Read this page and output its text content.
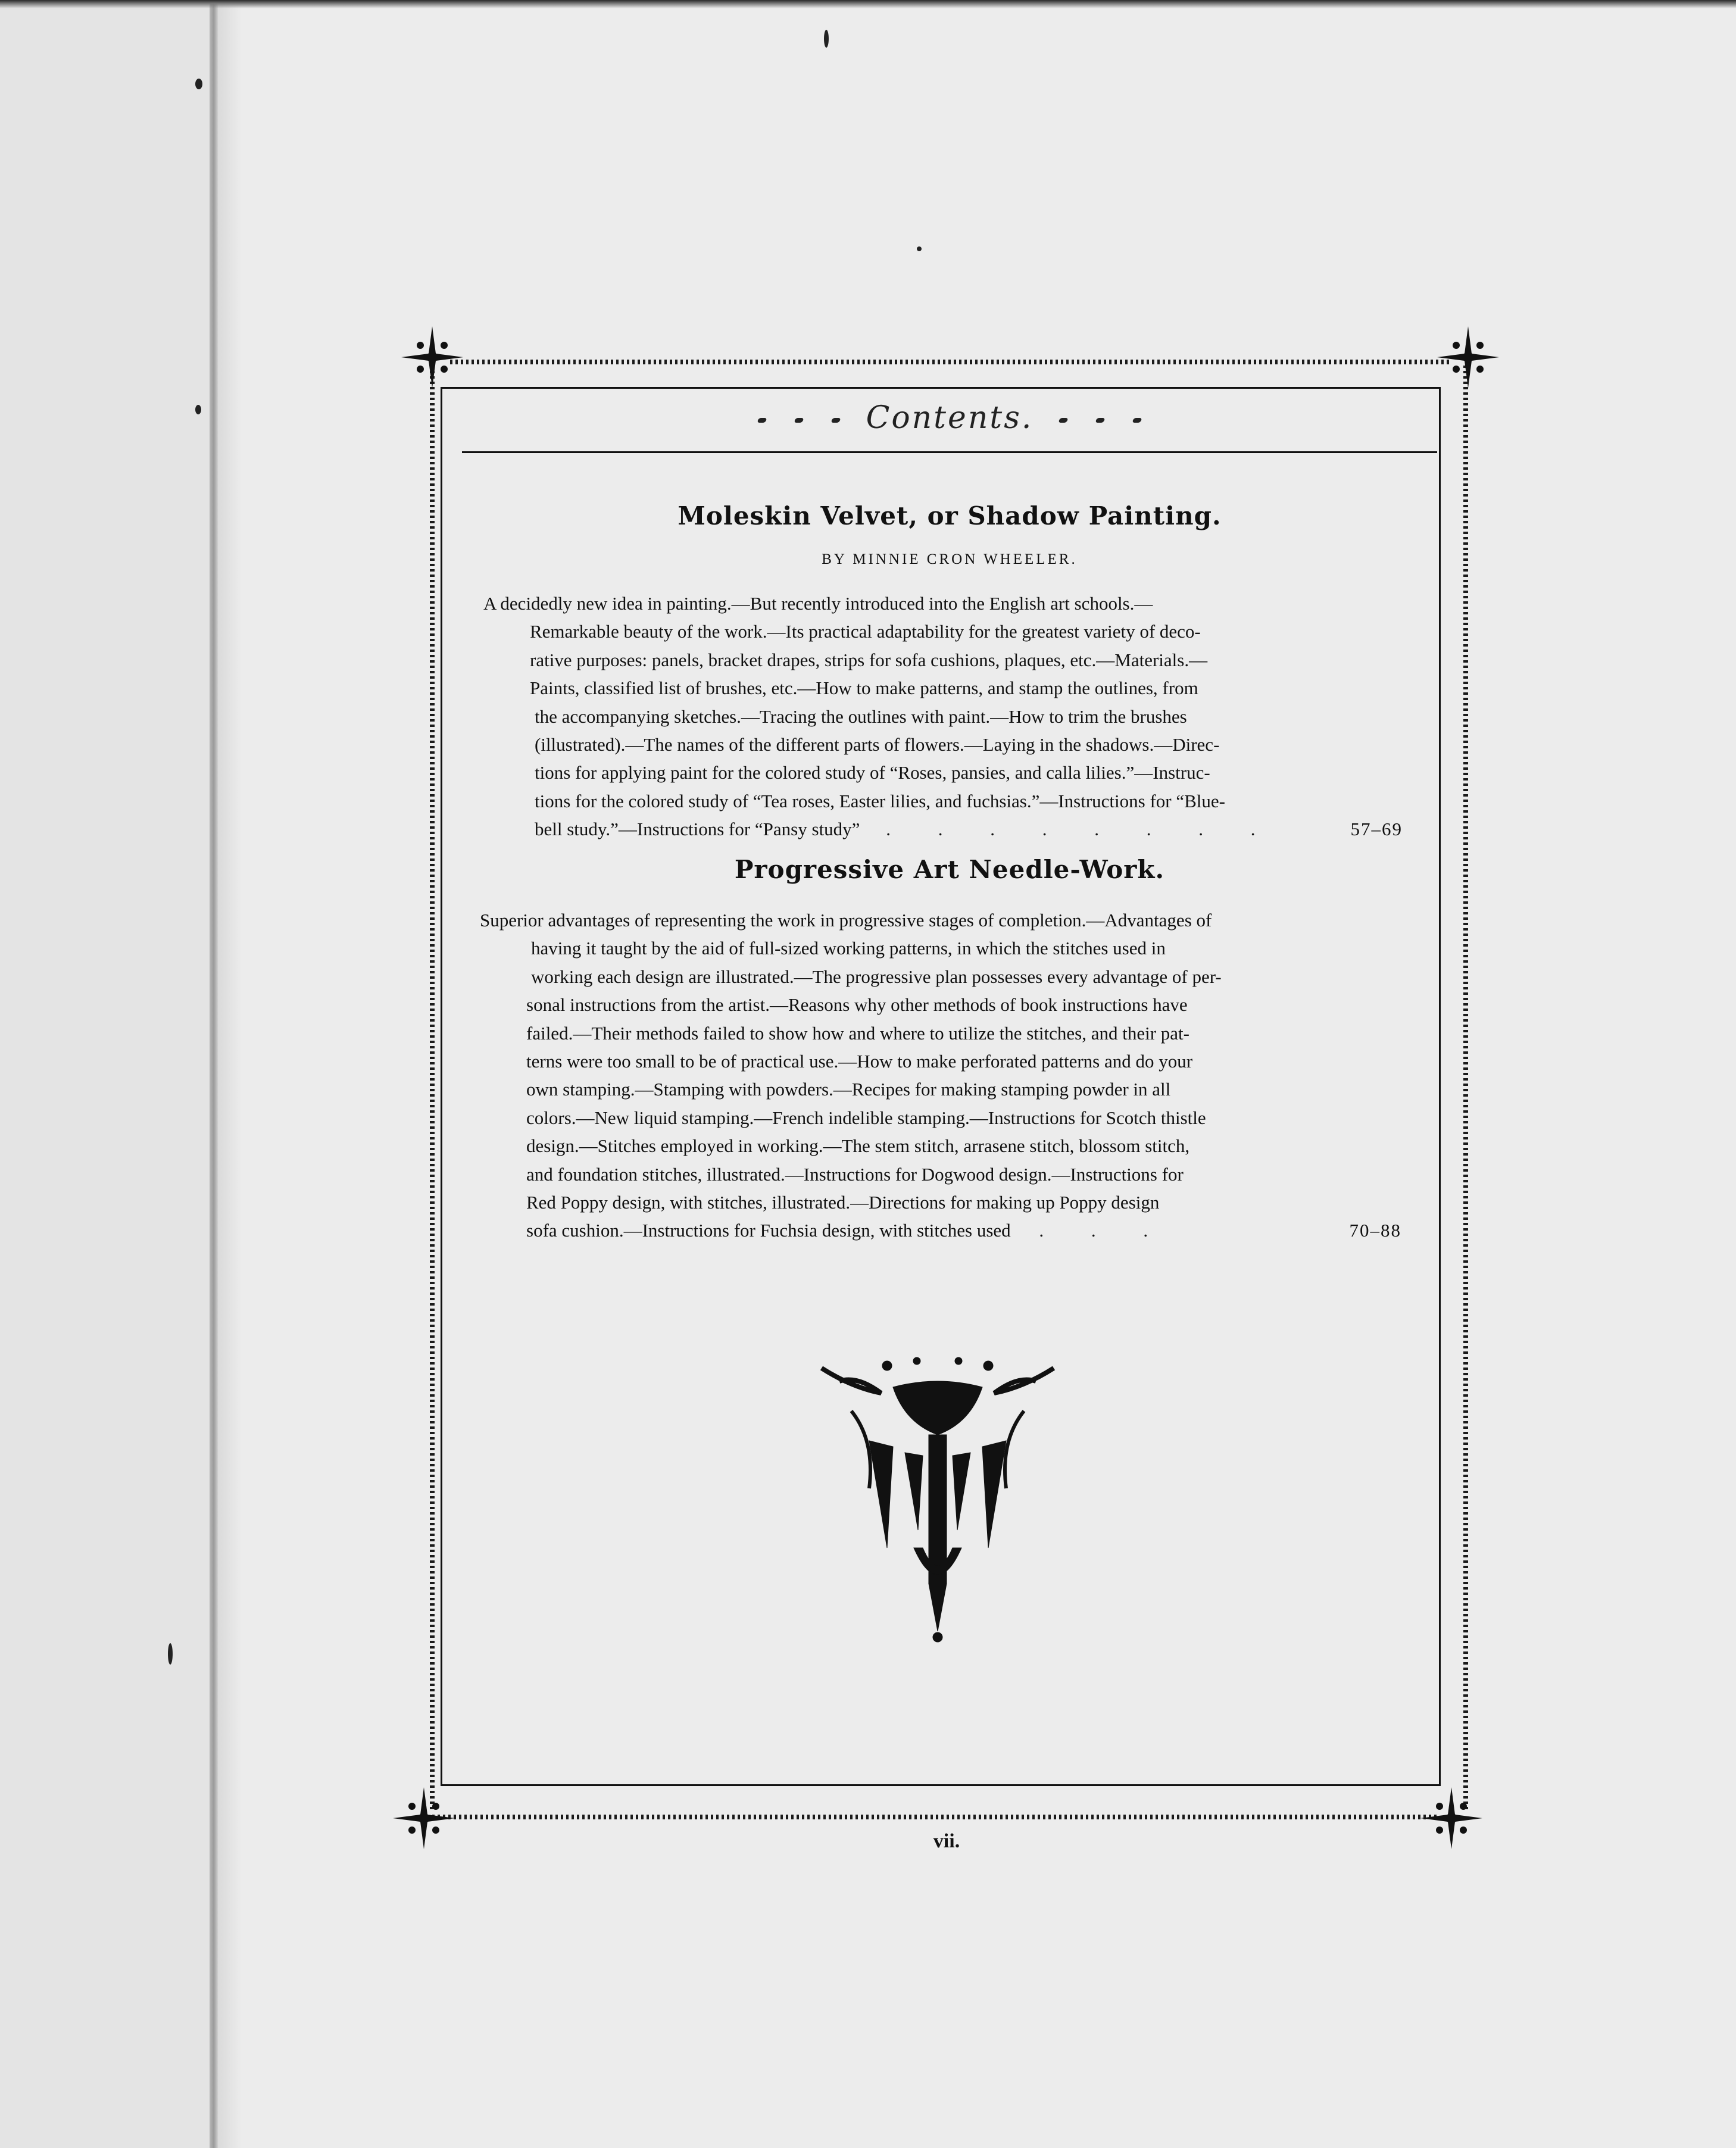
Contents.
Moleskin Velvet, or Shadow Painting.
BY MINNIE CRON WHEELER.

A decidedly new idea in painting.—But recently introduced into the English art schools.—

Remarkable beauty of the work.—Its practical adaptability for the greatest variety of deco-

rative purposes: panels, bracket drapes, strips for sofa cushions, plaques, etc.—Materials.—

Paints, classified list of brushes, etc.—How to make patterns, and stamp the outlines, from

the accompanying sketches.—Tracing the outlines with paint.—How to trim the brushes

(illustrated).—The names of the different parts of flowers.—Laying in the shadows.—Direc-

tions for applying paint for the colored study of “Roses, pansies, and calla lilies.”—Instruc-

tions for the colored study of “Tea roses, Easter lilies, and fuchsias.”—Instructions for “Blue-

bell study.”—Instructions for “Pansy study” . . . . . . . .	57–69

Progressive Art Needle-Work.

Superior advantages of representing the work in progressive stages of completion.—Advantages of

having it taught by the aid of full-sized working patterns, in which the stitches used in

working each design are illustrated.—The progressive plan possesses every advantage of per-

sonal instructions from the artist.—Reasons why other methods of book instructions have

failed.—Their methods failed to show how and where to utilize the stitches, and their pat-

terns were too small to be of practical use.—How to make perforated patterns and do your

own stamping.—Stamping with powders.—Recipes for making stamping powder in all

colors.—New liquid stamping.—French indelible stamping.—Instructions for Scotch thistle

design.—Stitches employed in working.—The stem stitch, arrasene stitch, blossom stitch,

and foundation stitches, illustrated.—Instructions for Dogwood design.—Instructions for

Red Poppy design, with stitches, illustrated.—Directions for making up Poppy design

sofa cushion.—Instructions for Fuchsia design, with stitches used . . .	70–88

vii.
